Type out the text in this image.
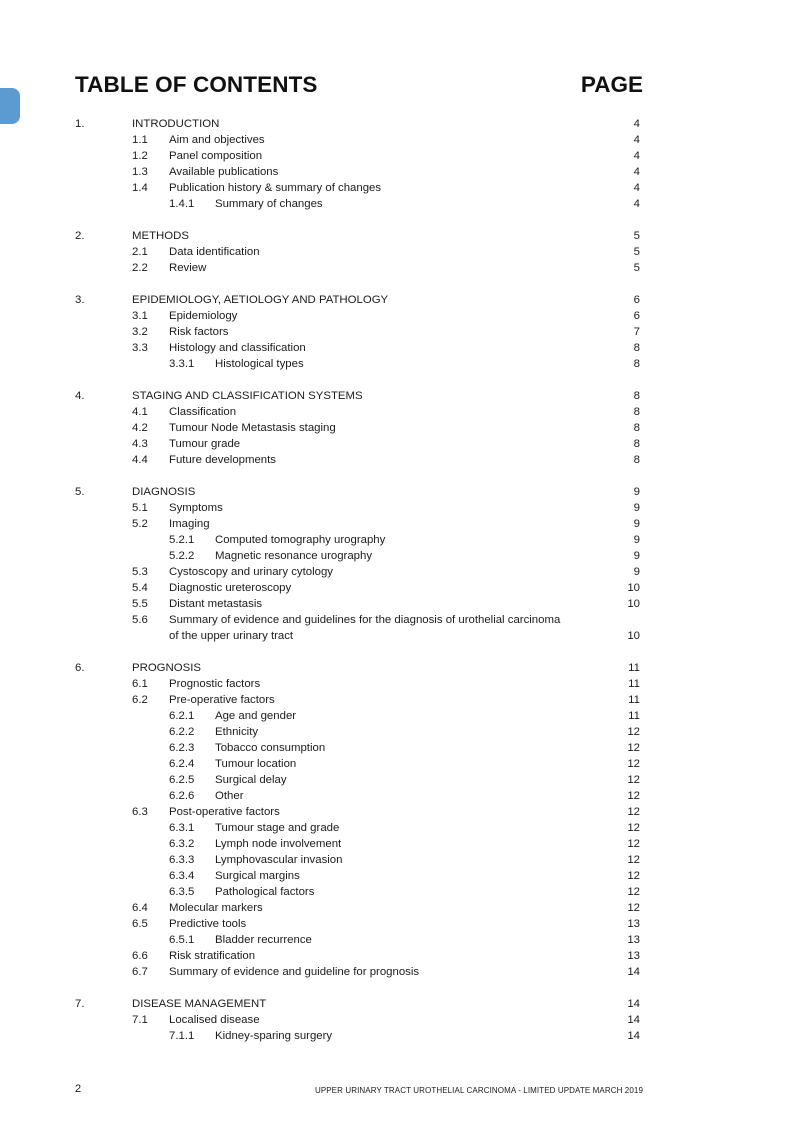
TABLE OF CONTENTS	PAGE
1.	INTRODUCTION	4
1.1 Aim and objectives	4
1.2 Panel composition	4
1.3 Available publications	4
1.4 Publication history & summary of changes	4
1.4.1 Summary of changes	4
2.	METHODS	5
2.1 Data identification	5
2.2 Review	5
3.	EPIDEMIOLOGY, AETIOLOGY AND PATHOLOGY	6
3.1 Epidemiology	6
3.2 Risk factors	7
3.3 Histology and classification	8
3.3.1 Histological types	8
4.	STAGING AND CLASSIFICATION SYSTEMS	8
4.1 Classification	8
4.2 Tumour Node Metastasis staging	8
4.3 Tumour grade	8
4.4 Future developments	8
5.	DIAGNOSIS	9
5.1 Symptoms	9
5.2 Imaging	9
5.2.1 Computed tomography urography	9
5.2.2 Magnetic resonance urography	9
5.3 Cystoscopy and urinary cytology	9
5.4 Diagnostic ureteroscopy	10
5.5 Distant metastasis	10
5.6 Summary of evidence and guidelines for the diagnosis of urothelial carcinoma
of the upper urinary tract	10
6.	PROGNOSIS	11
6.1 Prognostic factors	11
6.2 Pre-operative factors	11
6.2.1 Age and gender	11
6.2.2 Ethnicity	12
6.2.3 Tobacco consumption	12
6.2.4 Tumour location	12
6.2.5 Surgical delay	12
6.2.6 Other	12
6.3 Post-operative factors	12
6.3.1 Tumour stage and grade	12
6.3.2 Lymph node involvement	12
6.3.3 Lymphovascular invasion	12
6.3.4 Surgical margins	12
6.3.5 Pathological factors	12
6.4 Molecular markers	12
6.5 Predictive tools	13
6.5.1 Bladder recurrence	13
6.6 Risk stratification	13
6.7 Summary of evidence and guideline for prognosis	14
7.	DISEASE MANAGEMENT	14
7.1 Localised disease	14
7.1.1 Kidney-sparing surgery	14
2	UPPER URINARY TRACT UROTHELIAL CARCINOMA - LIMITED UPDATE MARCH 2019
